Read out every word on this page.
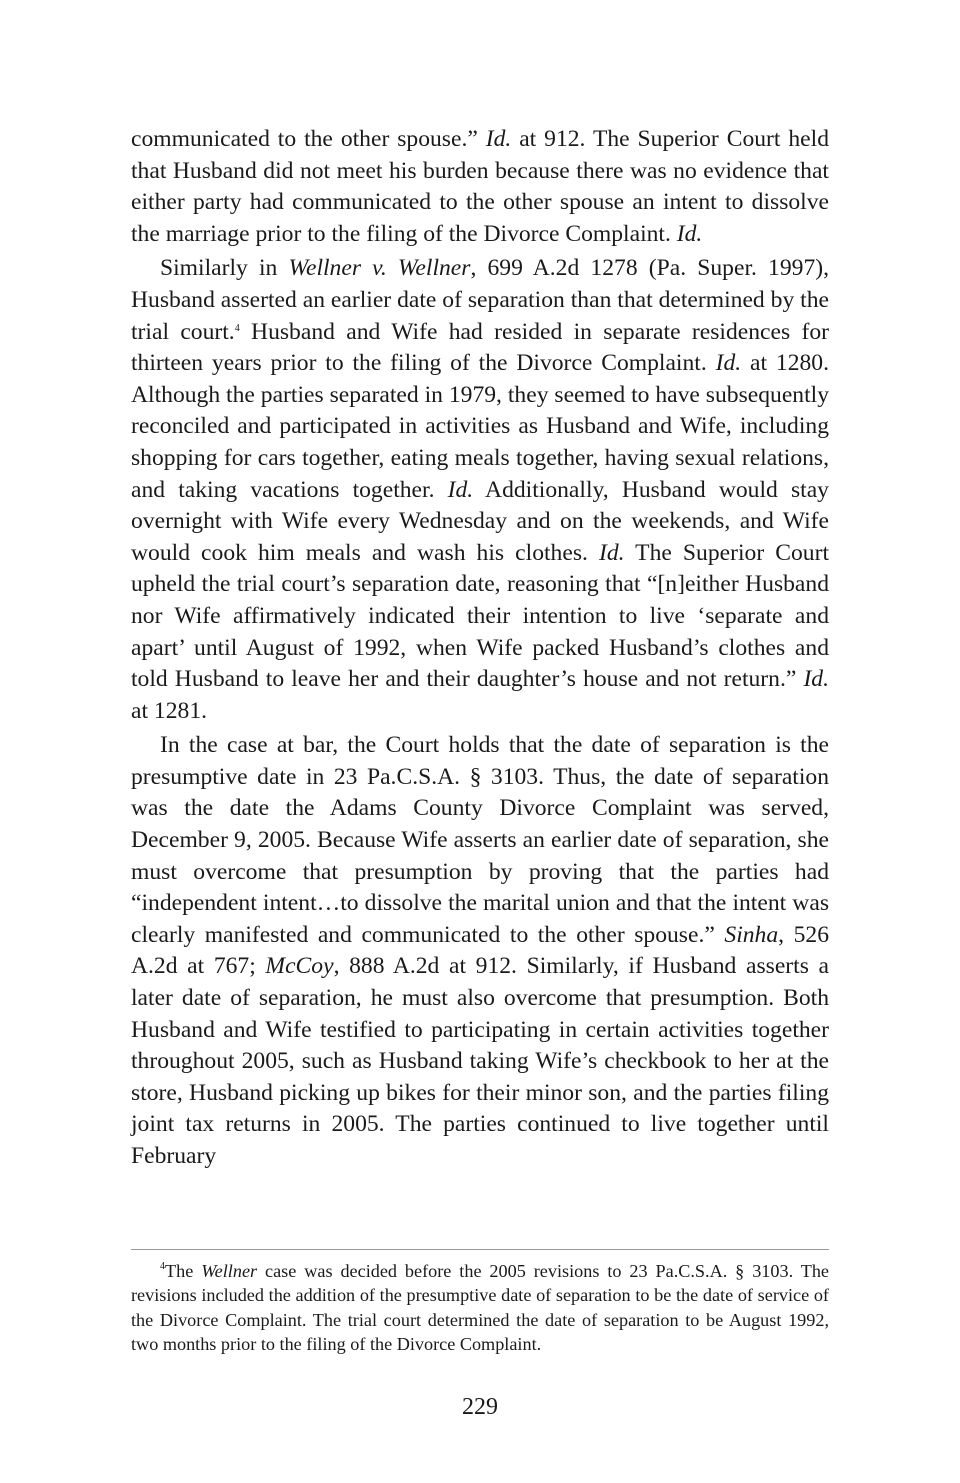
communicated to the other spouse.” Id. at 912. The Superior Court held that Husband did not meet his burden because there was no evidence that either party had communicated to the other spouse an intent to dissolve the marriage prior to the filing of the Divorce Complaint. Id.

Similarly in Wellner v. Wellner, 699 A.2d 1278 (Pa. Super. 1997), Husband asserted an earlier date of separation than that determined by the trial court.$^4$ Husband and Wife had resided in separate residences for thirteen years prior to the filing of the Divorce Complaint. Id. at 1280. Although the parties separated in 1979, they seemed to have subsequently reconciled and participated in activities as Husband and Wife, including shopping for cars together, eating meals together, having sexual relations, and taking vacations together. Id. Additionally, Husband would stay overnight with Wife every Wednesday and on the weekends, and Wife would cook him meals and wash his clothes. Id. The Superior Court upheld the trial court’s separation date, reasoning that “[n]either Husband nor Wife affirmatively indicated their intention to live ‘separate and apart’ until August of 1992, when Wife packed Husband’s clothes and told Husband to leave her and their daughter’s house and not return.” Id. at 1281.

In the case at bar, the Court holds that the date of separation is the presumptive date in 23 Pa.C.S.A. § 3103. Thus, the date of separation was the date the Adams County Divorce Complaint was served, December 9, 2005. Because Wife asserts an earlier date of separation, she must overcome that presumption by proving that the parties had “independent intent…to dissolve the marital union and that the intent was clearly manifested and communicated to the other spouse.” Sinha, 526 A.2d at 767; McCoy, 888 A.2d at 912. Similarly, if Husband asserts a later date of separation, he must also overcome that presumption. Both Husband and Wife testified to participating in certain activities together throughout 2005, such as Husband taking Wife’s checkbook to her at the store, Husband picking up bikes for their minor son, and the parties filing joint tax returns in 2005. The parties continued to live together until February

$^4$The Wellner case was decided before the 2005 revisions to 23 Pa.C.S.A. § 3103. The revisions included the addition of the presumptive date of separation to be the date of service of the Divorce Complaint. The trial court determined the date of separation to be August 1992, two months prior to the filing of the Divorce Complaint.

229
